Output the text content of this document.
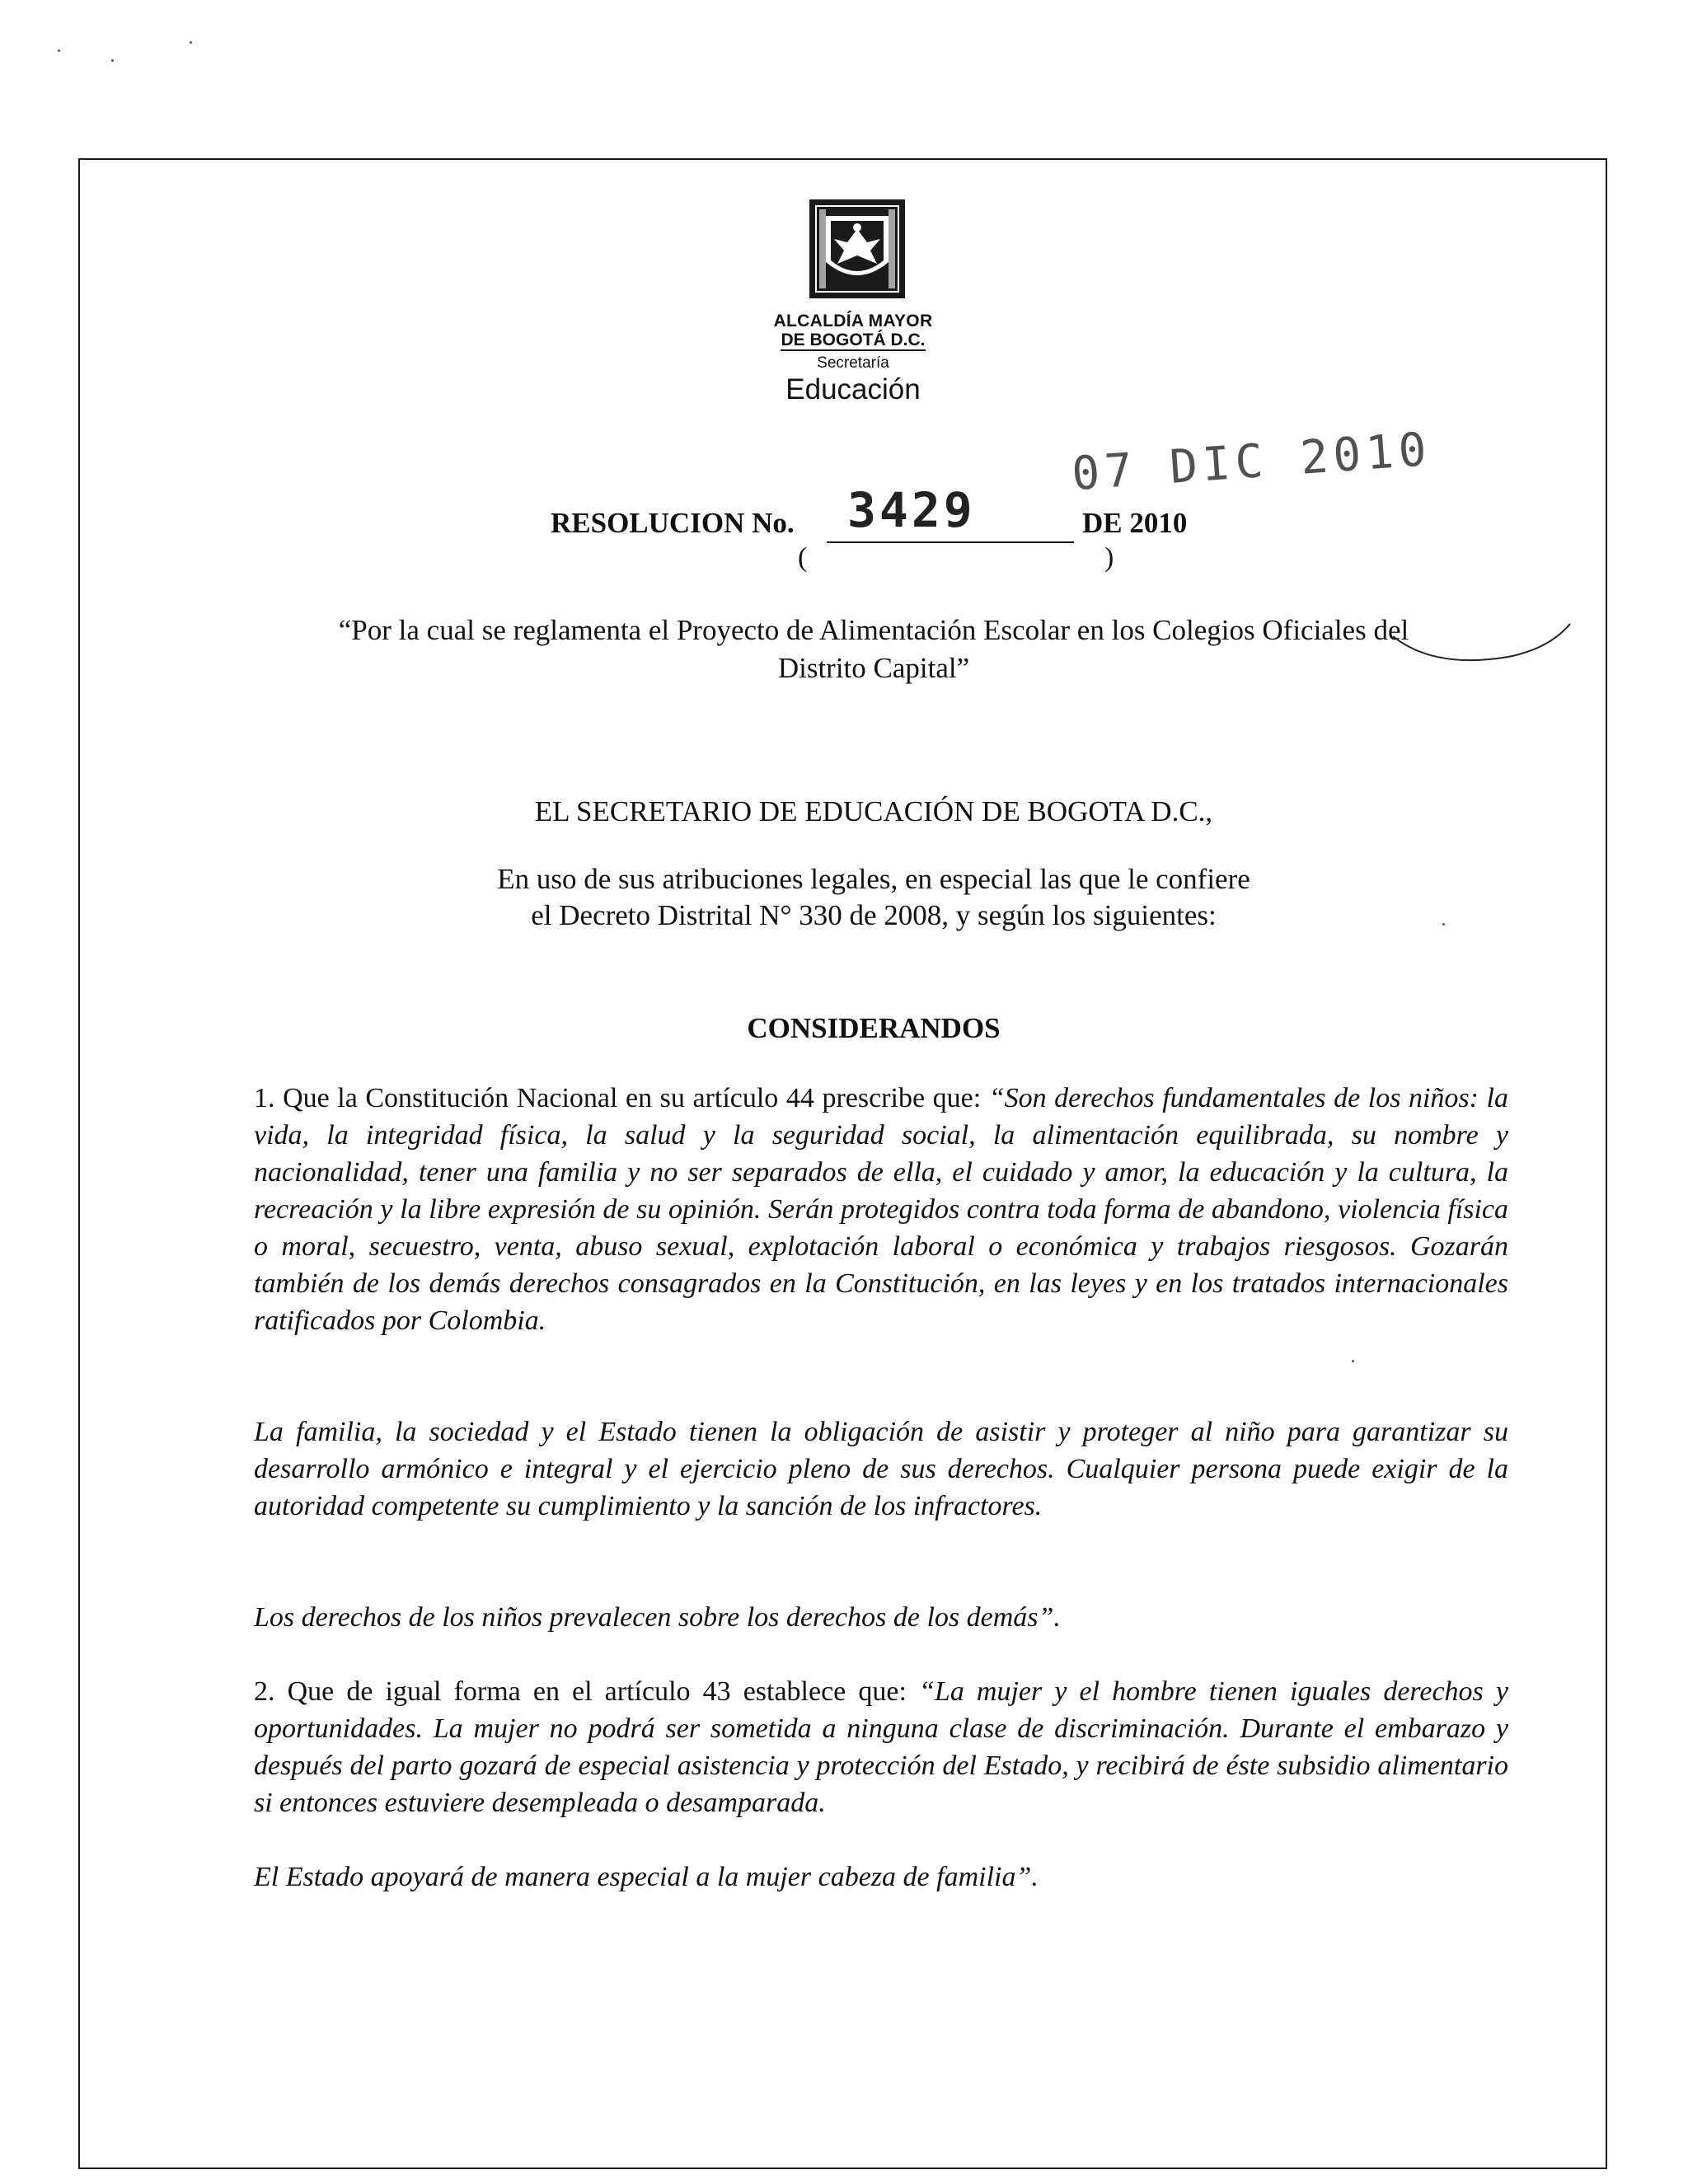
ALCALDÍA MAYOR
DE BOGOTÁ D.C.
Secretaría
Educación
07 DIC 2010
RESOLUCION No. 3429	DE 2010
(	)
“Por la cual se reglamenta el Proyecto de Alimentación Escolar en los Colegios Oficiales del
Distrito Capital”
EL SECRETARIO DE EDUCACIÓN DE BOGOTA D.C.,
En uso de sus atribuciones legales, en especial las que le confiere
el Decreto Distrital N° 330 de 2008, y según los siguientes:
CONSIDERANDOS
1. Que la Constitución Nacional en su artículo 44 prescribe que: “Son derechos fundamentales de los niños: la vida, la integridad física, la salud y la seguridad social, la alimentación equilibrada, su nombre y nacionalidad, tener una familia y no ser separados de ella, el cuidado y amor, la educación y la cultura, la recreación y la libre expresión de su opinión. Serán protegidos contra toda forma de abandono, violencia física o moral, secuestro, venta, abuso sexual, explotación laboral o económica y trabajos riesgosos. Gozarán también de los demás derechos consagrados en la Constitución, en las leyes y en los tratados internacionales ratificados por Colombia.
La familia, la sociedad y el Estado tienen la obligación de asistir y proteger al niño para garantizar su desarrollo armónico e integral y el ejercicio pleno de sus derechos. Cualquier persona puede exigir de la autoridad competente su cumplimiento y la sanción de los infractores.
Los derechos de los niños prevalecen sobre los derechos de los demás”.
2. Que de igual forma en el artículo 43 establece que: “La mujer y el hombre tienen iguales derechos y oportunidades. La mujer no podrá ser sometida a ninguna clase de discriminación. Durante el embarazo y después del parto gozará de especial asistencia y protección del Estado, y recibirá de éste subsidio alimentario si entonces estuviere desempleada o desamparada.
El Estado apoyará de manera especial a la mujer cabeza de familia”.
